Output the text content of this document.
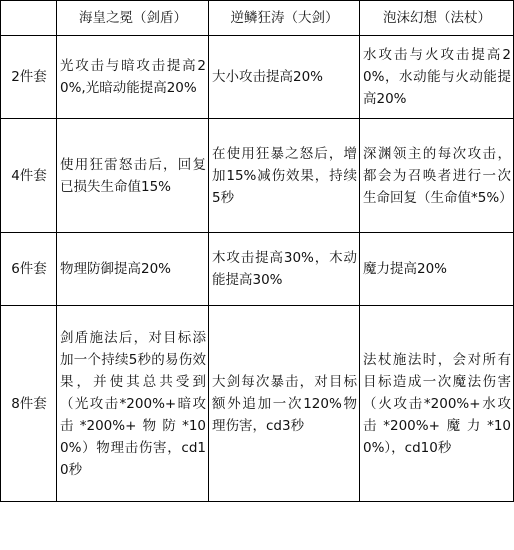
	海皇之冕（剑盾）	逆鳞狂涛（大剑）	泡沫幻想（法杖）
2件套	光攻击与暗攻击提高20%,光暗动能提高20%	大小攻击提高20%	水攻击与火攻击提高20%，水动能与火动能提高20%
4件套	使用狂雷怒击后，回复已损失生命值15%	在使用狂暴之怒后，增加15%减伤效果，持续5秒	深渊领主的每次攻击，都会为召唤者进行一次生命回复（生命值*5%）
6件套	物理防御提高20%	木攻击提高30%，木动能提高30%	魔力提高20%
8件套	剑盾施法后，对目标添加一个持续5秒的易伤效果，并使其总共受到（光攻击*200%+暗攻击*200%+物防*100%）物理击伤害，cd10秒	大剑每次暴击，对目标额外追加一次120%物理伤害，cd3秒	法杖施法时，会对所有目标造成一次魔法伤害（火攻击*200%+水攻击*200%+魔力*100%），cd10秒
